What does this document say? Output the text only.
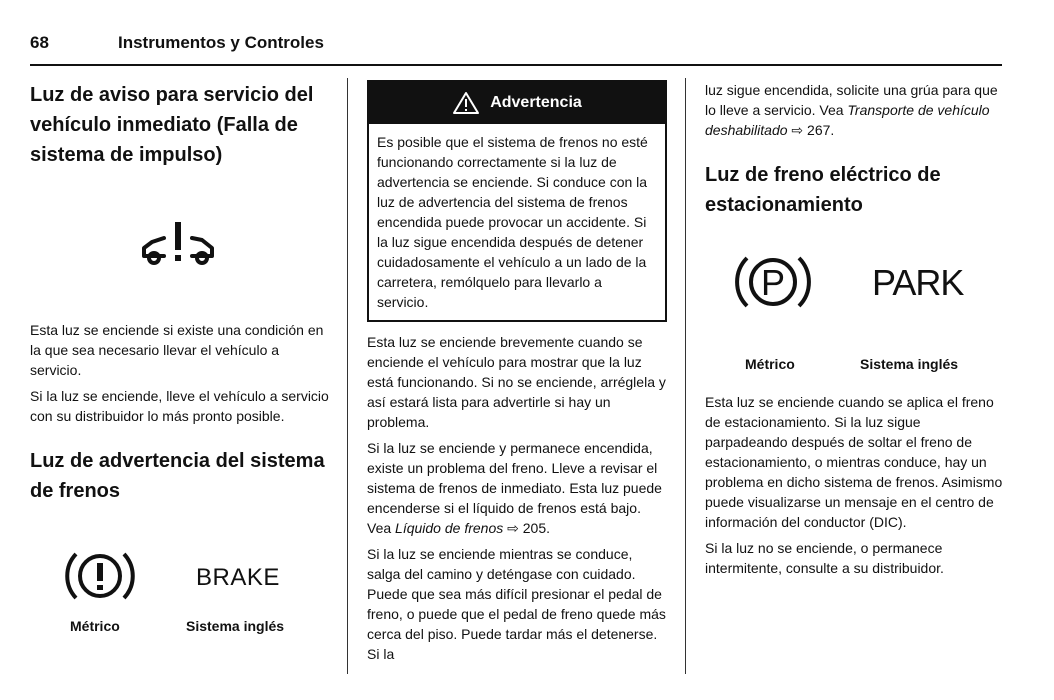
68	Instrumentos y Controles
Luz de aviso para servicio del vehículo inmediato (Falla de sistema de impulso)

Esta luz se enciende si existe una condición en la que sea necesario llevar el vehículo a servicio.

Si la luz se enciende, lleve el vehículo a servicio con su distribuidor lo más pronto posible.

Luz de advertencia del sistema de frenos
BRAKE
Métrico	Sistema inglés
Advertencia

Es posible que el sistema de frenos no esté funcionando correctamente si la luz de advertencia se enciende. Si conduce con la luz de advertencia del sistema de frenos encendida puede provocar un accidente. Si la luz sigue encendida después de detener cuidadosamente el vehículo a un lado de la carretera, remólquelo para llevarlo a servicio.

Esta luz se enciende brevemente cuando se enciende el vehículo para mostrar que la luz está funcionando. Si no se enciende, arréglela y así estará lista para advertirle si hay un problema.

Si la luz se enciende y permanece encendida, existe un problema del freno. Lleve a revisar el sistema de frenos de inmediato. Esta luz puede encenderse si el líquido de frenos está bajo. Vea Líquido de frenos ⇨ 205.

Si la luz se enciende mientras se conduce, salga del camino y deténgase con cuidado. Puede que sea más difícil presionar el pedal de freno, o puede que el pedal de freno quede más cerca del piso. Puede tardar más el detenerse. Si la

luz sigue encendida, solicite una grúa para que lo lleve a servicio. Vea Transporte de vehículo deshabilitado ⇨ 267.

Luz de freno eléctrico de estacionamiento
P PARK
Métrico	Sistema inglés

Esta luz se enciende cuando se aplica el freno de estacionamiento. Si la luz sigue parpadeando después de soltar el freno de estacionamiento, o mientras conduce, hay un problema en dicho sistema de frenos. Asimismo puede visualizarse un mensaje en el centro de información del conductor (DIC).

Si la luz no se enciende, o permanece intermitente, consulte a su distribuidor.
